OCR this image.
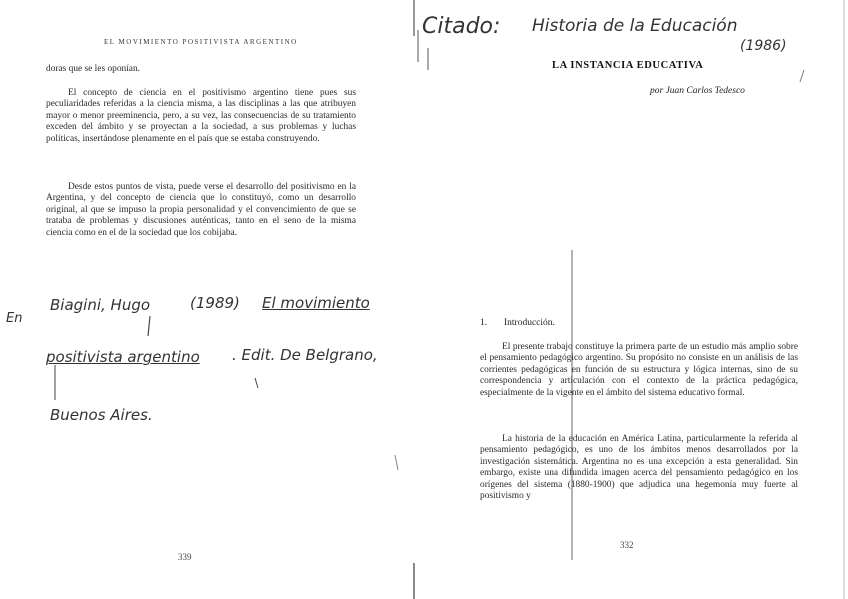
EL MOVIMIENTO POSITIVISTA ARGENTINO

doras que se les oponían.

El concepto de ciencia en el positivismo argentino tiene pues sus peculiaridades referidas a la ciencia misma, a las disciplinas a las que atribuyen mayor o menor preeminencia, pero, a su vez, las consecuencias de su tratamiento exceden del ámbito y se proyectan a la sociedad, a sus problemas y luchas políticas, insertándose plenamente en el país que se estaba construyendo.

Desde estos puntos de vista, puede verse el desarrollo del positivismo en la Argentina, y del concepto de ciencia que lo constituyó, como un desarrollo original, al que se impuso la propia personalidad y el convencimiento de que se trataba de problemas y discusiones auténticas, tanto en el seno de la misma ciencia como en el de la sociedad que los cobijaba.

En
Biagini, Hugo	(1989) El movimiento
positivista argentino . Edit. De Belgrano,
Buenos Aires.
339
Citado: Historia de la Educación
(1986)
LA INSTANCIA EDUCATIVA
por Juan Carlos Tedesco
1. Introducción.

El presente trabajo constituye la primera parte de un estudio más amplio sobre el pensamiento pedagógico argentino. Su propósito no consiste en un análisis de las corrientes pedagógicas en función de su estructura y lógica internas, sino de su correspondencia y articulación con el contexto de la práctica pedagógica, especialmente de la vigente en el ámbito del sistema educativo formal.

La historia de la educación en América Latina, particularmente la referida al pensamiento pedagógico, es uno de los ámbitos menos desarrollados por la investigación sistemática. Argentina no es una excepción a esta generalidad. Sin embargo, existe una difundida imagen acerca del pensamiento pedagógico en los orígenes del sistema (1880-1900) que adjudica una hegemonía muy fuerte al positivismo y

332
